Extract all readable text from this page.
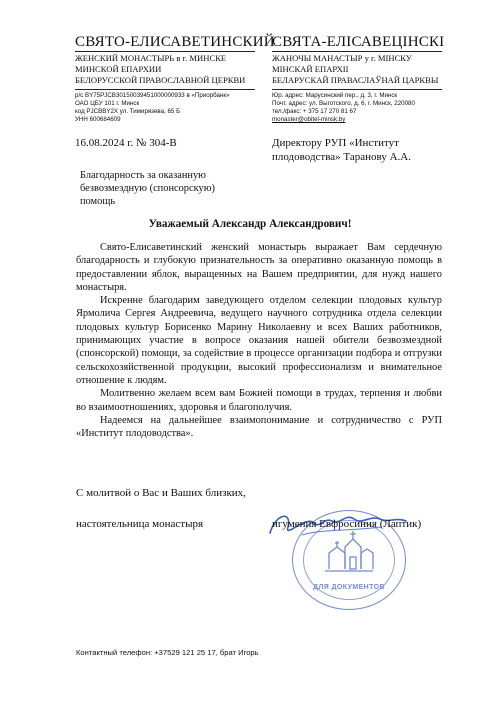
СВЯТО-ЕЛИСАВЕТИНСКИЙ
ЖЕНСКИЙ МОНАСТЫРЬ в г. МИНСКЕ
МИНСКОЙ ЕПАРХИИ
БЕЛОРУССКОЙ ПРАВОСЛАВНОЙ ЦЕРКВИ
р/с BY75PJCB30150039451000000933 в «Приорбанк»
ОАО ЦБУ 101 г. Минск
код PJCBBY2X ул. Тимирязева, 65 Б
УНН 600684609
СВЯТА-ЕЛІСАВЕЦІНСКІ
ЖАНОЧЫ МАНАСТЫР у г. МІНСКУ
МІНСКАЙ ЕПАРХІІ
БЕЛАРУСКАЙ ПРАВАСЛАЎНАЙ ЦАРКВЫ
Юр. адрес: Марусинский пер., д. 3, г. Минск
Почт. адрес: ул. Выготского, д. 6, г. Минск, 220080
тел./факс: + 375 17 270 81 67
monaster@obitel-minsk.by
16.08.2024 г. № 304-В	Директору РУП «Институт
плодоводства» Таранову А.А.
Благодарность за оказанную
безвозмездную (спонсорскую)
помощь
Уважаемый Александр Александрович!

Свято-Елисаветинский женский монастырь выражает Вам сердечную благодарность и глубокую признательность за оперативно оказанную помощь в предоставлении яблок, выращенных на Вашем предприятии, для нужд нашего монастыря.

Искренне благодарим заведующего отделом селекции плодовых культур Ярмолича Сергея Андреевича, ведущего научного сотрудника отдела селекции плодовых культур Борисенко Марину Николаевну и всех Ваших работников, принимающих участие в вопросе оказания нашей обители безвозмездной (спонсорской) помощи, за содействие в процессе организации подбора и отгрузки сельскохозяйственной продукции, высокий профессионализм и внимательное отношение к людям.

Молитвенно желаем всем вам Божией помощи в трудах, терпения и любви во взаимоотношениях, здоровья и благополучия.

Надеемся на дальнейшее взаимопонимание и сотрудничество с РУП «Институт плодоводства».

С молитвой о Вас и Ваших близких,
ДЛЯ ДОКУМЕНТОВ
настоятельница монастыря	игумения Евфросиния (Лаптик)
Контактный телефон: +37529 121 25 17, брат Игорь
